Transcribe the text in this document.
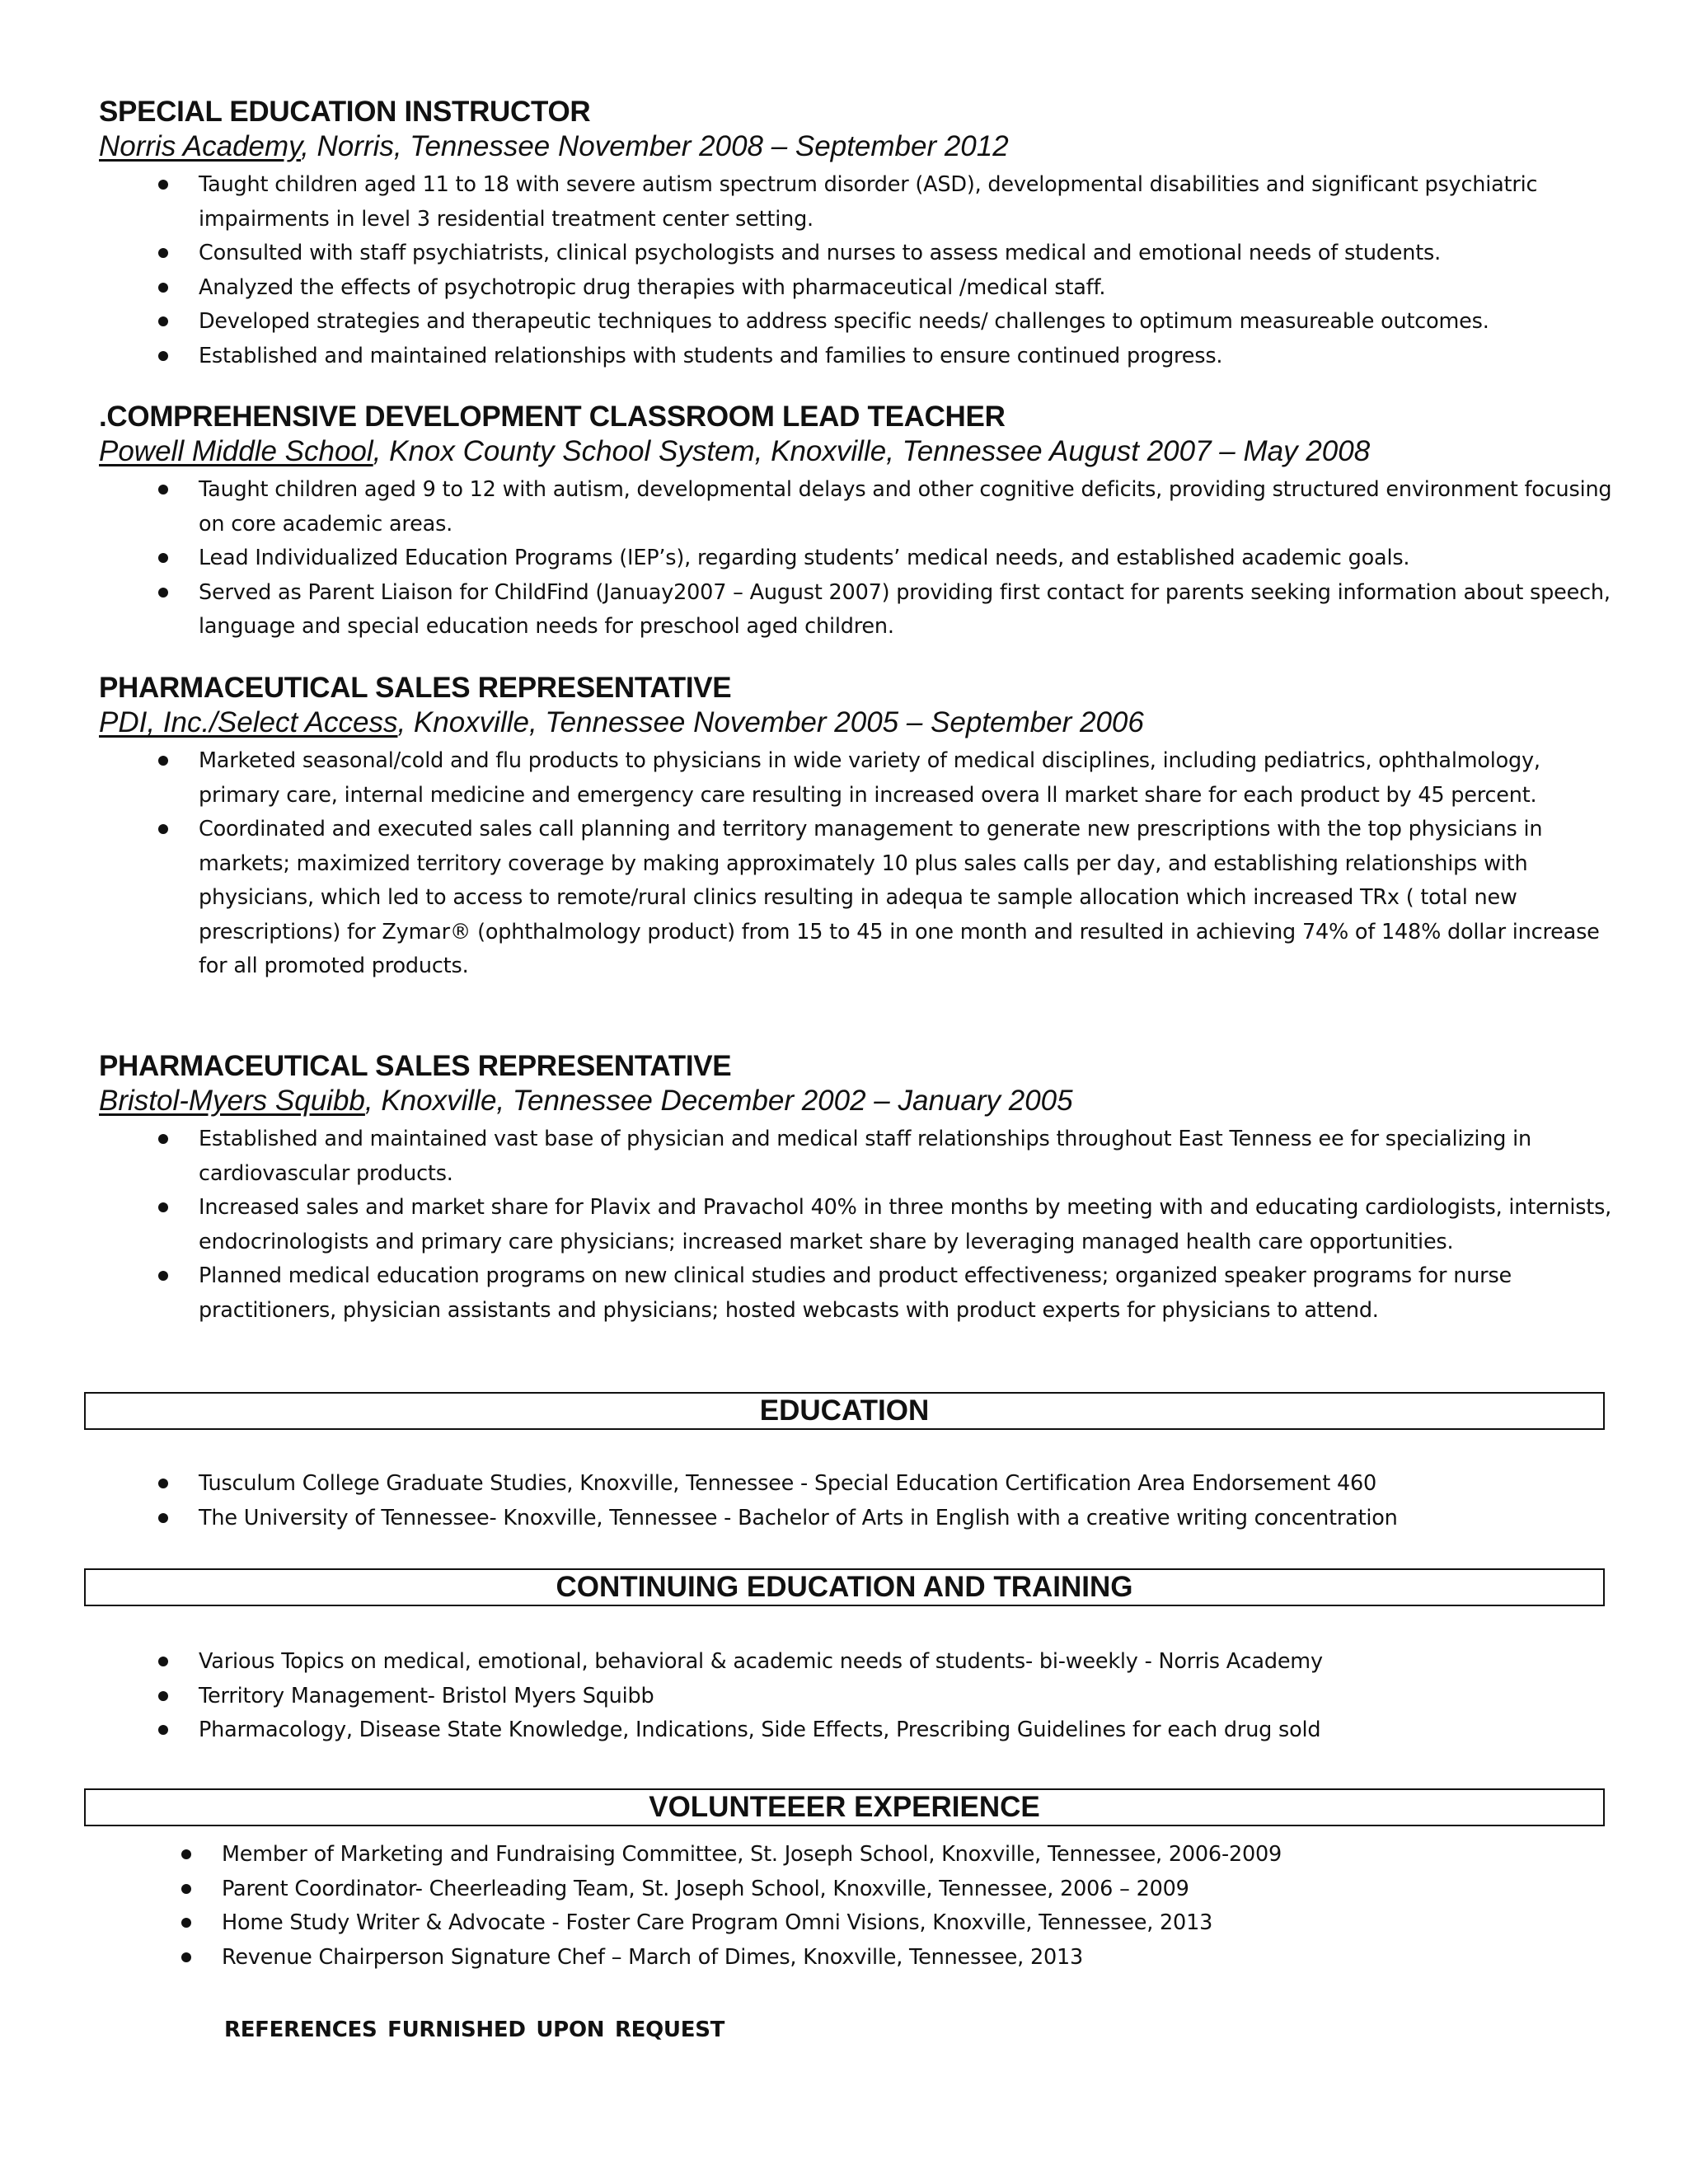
SPECIAL EDUCATION INSTRUCTOR

Norris Academy, Norris, Tennessee November 2008 – September 2012

Taught children aged 11 to 18 with severe autism spectrum disorder (ASD), developmental disabilities and significant psychiatric impairments in level 3 residential treatment center setting.
Consulted with staff psychiatrists, clinical psychologists and nurses to assess medical and emotional needs of students.
Analyzed the effects of psychotropic drug therapies with pharmaceutical /medical staff.
Developed strategies and therapeutic techniques to address specific needs/ challenges to optimum measureable outcomes.
Established and maintained relationships with students and families to ensure continued progress.
.COMPREHENSIVE DEVELOPMENT CLASSROOM LEAD TEACHER

Powell Middle School, Knox County School System, Knoxville, Tennessee August 2007 – May 2008

Taught children aged 9 to 12 with autism, developmental delays and other cognitive deficits, providing structured environment focusing on core academic areas.
Lead Individualized Education Programs (IEP’s), regarding students’ medical needs, and established academic goals.
Served as Parent Liaison for ChildFind (Januay2007 – August 2007) providing first contact for parents seeking information about speech, language and special education needs for preschool aged children.
PHARMACEUTICAL SALES REPRESENTATIVE

PDI, Inc./Select Access, Knoxville, Tennessee November 2005 – September 2006

Marketed seasonal/cold and flu products to physicians in wide variety of medical disciplines, including pediatrics, ophthalmology, primary care, internal medicine and emergency care resulting in increased overa ll market share for each product by 45 percent.
Coordinated and executed sales call planning and territory management to generate new prescriptions with the top physicians in markets; maximized territory coverage by making approximately 10 plus sales calls per day, and establishing relationships with physicians, which led to access to remote/rural clinics resulting in adequa te sample allocation which increased TRx ( total new prescriptions) for Zymar® (ophthalmology product) from 15 to 45 in one month and resulted in achieving 74% of 148% dollar increase for all promoted products.
PHARMACEUTICAL SALES REPRESENTATIVE

Bristol-Myers Squibb, Knoxville, Tennessee December 2002 – January 2005

Established and maintained vast base of physician and medical staff relationships throughout East Tenness ee for specializing in cardiovascular products.
Increased sales and market share for Plavix and Pravachol 40% in three months by meeting with and educating cardiologists, internists, endocrinologists and primary care physicians; increased market share by leveraging managed health care opportunities.
Planned medical education programs on new clinical studies and product effectiveness; organized speaker programs for nurse practitioners, physician assistants and physicians; hosted webcasts with product experts for physicians to attend.
EDUCATION
Tusculum College Graduate Studies, Knoxville, Tennessee - Special Education Certification Area Endorsement 460
The University of Tennessee- Knoxville, Tennessee - Bachelor of Arts in English with a creative writing concentration
CONTINUING EDUCATION AND TRAINING
Various Topics on medical, emotional, behavioral & academic needs of students- bi-weekly - Norris Academy
Territory Management- Bristol Myers Squibb
Pharmacology, Disease State Knowledge, Indications, Side Effects, Prescribing Guidelines for each drug sold
VOLUNTEEER EXPERIENCE
Member of Marketing and Fundraising Committee, St. Joseph School, Knoxville, Tennessee, 2006-2009
Parent Coordinator- Cheerleading Team, St. Joseph School, Knoxville, Tennessee, 2006 – 2009
Home Study Writer & Advocate - Foster Care Program Omni Visions, Knoxville, Tennessee, 2013
Revenue Chairperson Signature Chef – March of Dimes, Knoxville, Tennessee, 2013
REFERENCES FURNISHED UPON REQUEST
